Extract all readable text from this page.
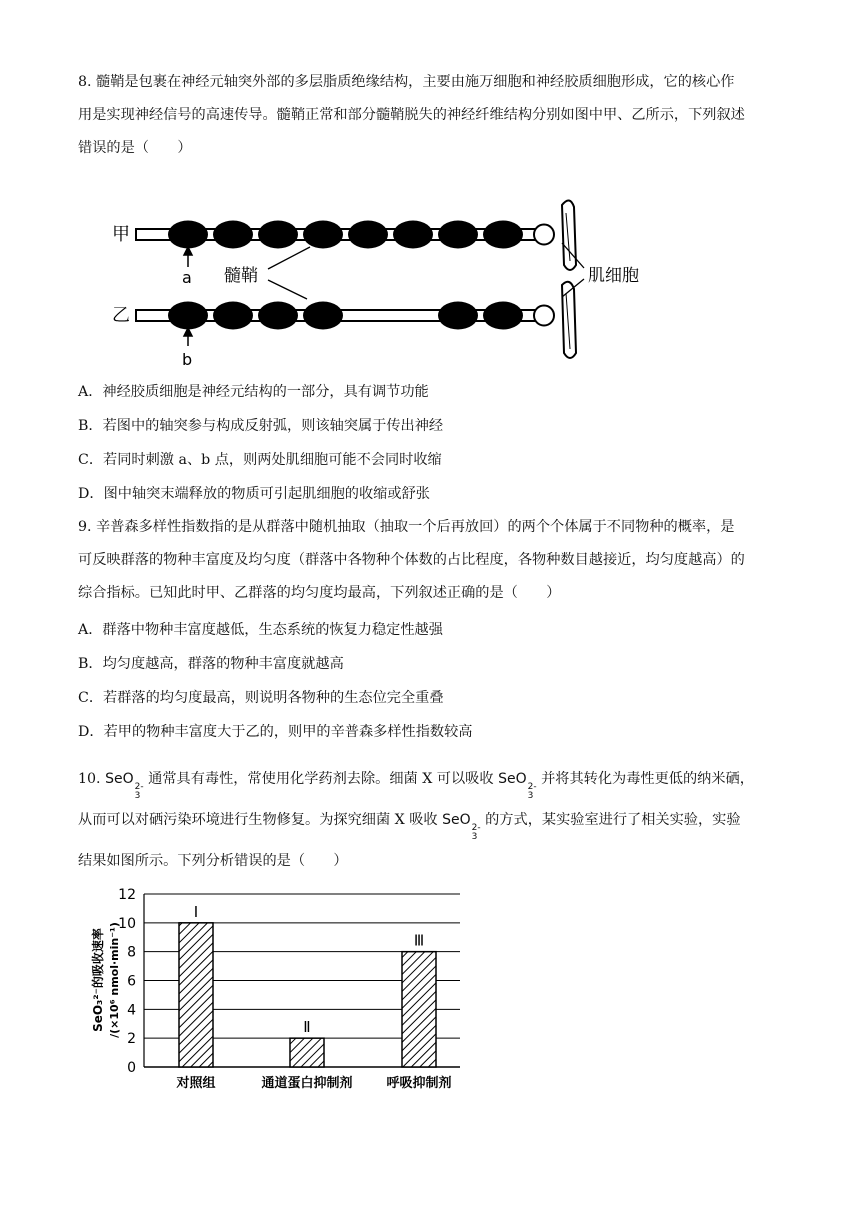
8. 髓鞘是包裹在神经元轴突外部的多层脂质绝缘结构，主要由施万细胞和神经胶质细胞形成，它的核心作

用是实现神经信号的高速传导。髓鞘正常和部分髓鞘脱失的神经纤维结构分别如图中甲、乙所示，下列叙述

错误的是（　　）

甲
乙
a
b
髓鞘	肌细胞
A．神经胶质细胞是神经元结构的一部分，具有调节功能
B．若图中的轴突参与构成反射弧，则该轴突属于传出神经
C．若同时刺激 a、b 点，则两处肌细胞可能不会同时收缩
D．图中轴突末端释放的物质可引起肌细胞的收缩或舒张

9. 辛普森多样性指数指的是从群落中随机抽取（抽取一个后再放回）的两个个体属于不同物种的概率，是

可反映群落的物种丰富度及均匀度（群落中各物种个体数的占比程度，各物种数目越接近，均匀度越高）的

综合指标。已知此时甲、乙群落的均匀度均最高，下列叙述正确的是（　　）

A．群落中物种丰富度越低，生态系统的恢复力稳定性越强
B．均匀度越高，群落的物种丰富度就越高
C．若群落的均匀度最高，则说明各物种的生态位完全重叠
D．若甲的物种丰富度大于乙的，则甲的辛普森多样性指数较高

10. SeO 2-
3
通常具有毒性，常使用化学药剂去除。细菌 X 可以吸收 SeO 2-
3
并将其转化为毒性更低的纳米硒，

从而可以对硒污染环境进行生物修复。为探究细菌 X 吸收 SeO 2-
3
的方式，某实验室进行了相关实验，实验

结果如图所示。下列分析错误的是（　　）

0
2
4
6
8
10
12
Ⅰ
Ⅱ
Ⅲ
对照组	通道蛋白抑制剂	呼吸抑制剂
SeO₃²⁻的吸收速率 /(×10⁶ nmol·min⁻¹)
